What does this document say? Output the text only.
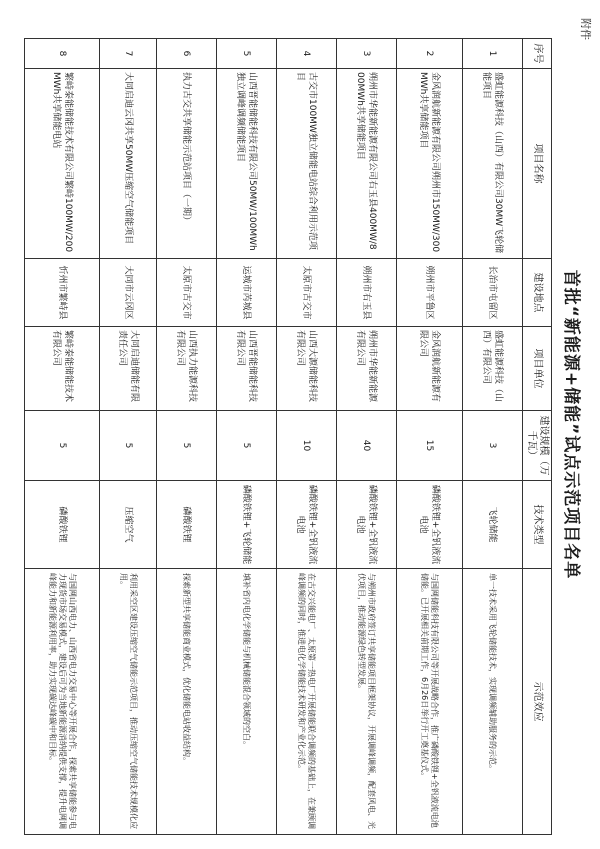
附件
首批“新能源+储能”试点示范项目名单
序号	项目名称	建设地点	项目单位	建设规模（万千瓦）	技术类型	示范效应
1	盛虹能源科技（山西）有限公司30MW飞轮储能项目	长治市屯留区	盛虹能源科技（山西）有限公司	3	飞轮储能	单一技术采用飞轮储能技术，实现调频辅助服务的示范。
2	金风润航新能源有限公司朔州市150MW/300MWh共享储能项目	朔州市平鲁区	金风润航新能源有限公司	15	磷酸铁锂+全钒液流电池	与国网储能科技有限公司等开展战略合作，推广磷酸铁锂+全钒液流电池储能。已开展相关前期工作，6月26日举行开工奠基仪式。
3	朔州市华能新能源有限公司右玉县400MW/800MWh共享储能项目	朔州市右玉县	朔州市华能新能源有限公司	40	磷酸铁锂+全钒液流电池	与朔州市政府签订共享储能项目框架协议，开展调峰调频，配套风电、光伏项目，推动能源绿色转型发展。
4	古交市100MW独立储能电站综合利用示范项目	太原市古交市	山西大源储能科技有限公司	10	磷酸铁锂+全钒液流电池	在古交兴能电厂、太原第一热电厂开展储能联合调频的基础上，在兼顾调峰调频的同时，推进电化学储能技术研发和产业化示范。
5	山西晋能储能科技有限公司50MW/100MWh独立调峰调频储能项目	运城市芮城县	山西晋能储能科技有限公司	5	磷酸铁锂+飞轮储能	填补省内电化学储能与机械储能混合领域的空白。
6	执力古交共享储能示范站项目（一期）	太原市古交市	山西执力能源科技有限公司	5	磷酸铁锂	探索新型共享储能商业模式，优化储能电站收益结构。
7	大同启迪云冈共享50MW压缩空气储能项目	大同市云冈区	大同启迪储能有限责任公司	5	压缩空气	利用采空区建设压缩空气储能示范项目，推动压缩空气储能技术规模化应用。
8	繁峙泰能储能技术有限公司繁峙100MW/200MWh共享储能电站	忻州市繁峙县	繁峙泰能储能技术有限公司	5	磷酸铁锂	与国网山西电力、山西省电力交易中心等开展合作，探索共享储能参与电力现货市场交易模式，建设后可为当地新能源消纳提供支撑，提升电网调峰能力和新能源利用率，助力实现碳达峰碳中和目标。
